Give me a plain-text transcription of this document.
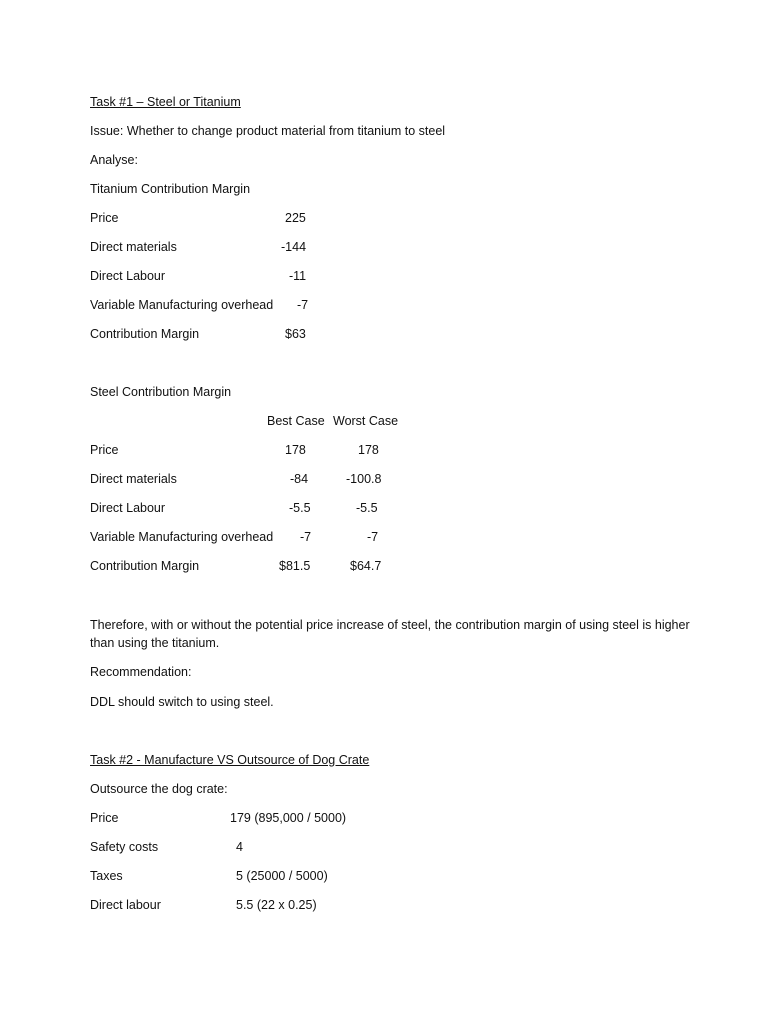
Task #1 – Steel or Titanium
Issue: Whether to change product material from titanium to steel
Analyse:
Titanium Contribution Margin
Price	225
Direct materials	-144
Direct Labour	-11
Variable Manufacturing overhead -7
Contribution Margin	$63
Steel Contribution Margin
Best Case Worst Case
Price	178	178
Direct materials	-84	-100.8
Direct Labour	-5.5	-5.5
Variable Manufacturing overhead -7	-7
Contribution Margin	$81.5	$64.7
Therefore, with or without the potential price increase of steel, the contribution margin of using steel is higher than using the titanium.
Recommendation:
DDL should switch to using steel.
Task #2 - Manufacture VS Outsource of Dog Crate
Outsource the dog crate:
Price	179 (895,000 / 5000)
Safety costs	4
Taxes	5 (25000 / 5000)
Direct labour	5.5 (22 x 0.25)
